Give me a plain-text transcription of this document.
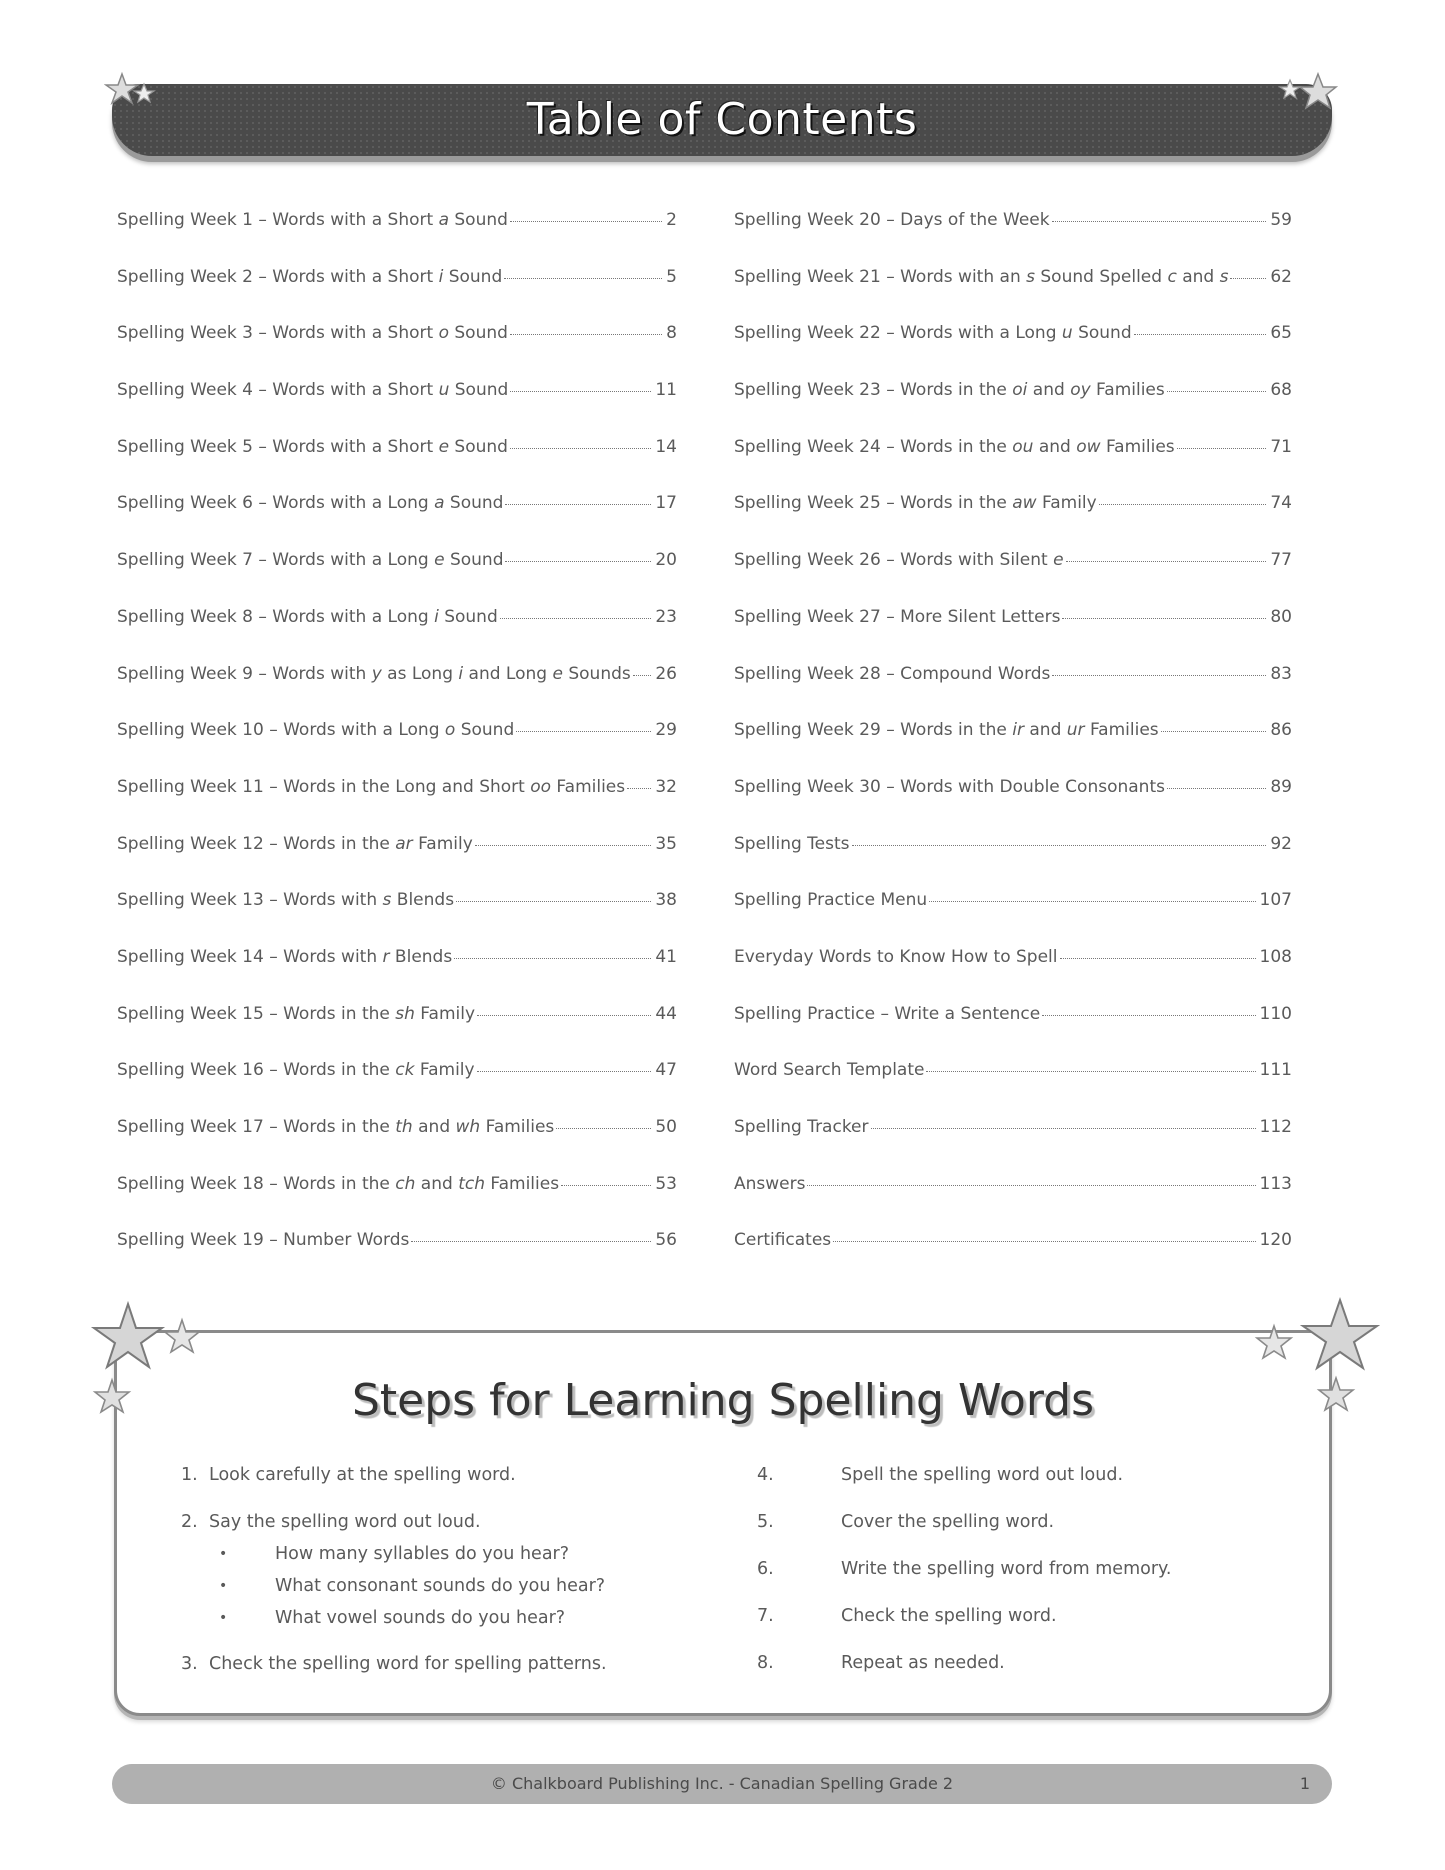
Table of Contents
Spelling Week 1 – Words with a Short a Sound	2
Spelling Week 2 – Words with a Short i Sound	5
Spelling Week 3 – Words with a Short o Sound	8
Spelling Week 4 – Words with a Short u Sound	11
Spelling Week 5 – Words with a Short e Sound	14
Spelling Week 6 – Words with a Long a Sound	17
Spelling Week 7 – Words with a Long e Sound	20
Spelling Week 8 – Words with a Long i Sound	23
Spelling Week 9 – Words with y as Long i and Long e Sounds 26
Spelling Week 10 – Words with a Long o Sound	29
Spelling Week 11 – Words in the Long and Short oo Families 32
Spelling Week 12 – Words in the ar Family	35
Spelling Week 13 – Words with s Blends	38
Spelling Week 14 – Words with r Blends	41
Spelling Week 15 – Words in the sh Family	44
Spelling Week 16 – Words in the ck Family	47
Spelling Week 17 – Words in the th and wh Families	50
Spelling Week 18 – Words in the ch and tch Families	53
Spelling Week 19 – Number Words	56
Spelling Week 20 – Days of the Week	59
Spelling Week 21 – Words with an s Sound Spelled c and s 62
Spelling Week 22 – Words with a Long u Sound	65
Spelling Week 23 – Words in the oi and oy Families	68
Spelling Week 24 – Words in the ou and ow Families	71
Spelling Week 25 – Words in the aw Family	74
Spelling Week 26 – Words with Silent e	77
Spelling Week 27 – More Silent Letters	80
Spelling Week 28 – Compound Words	83
Spelling Week 29 – Words in the ir and ur Families	86
Spelling Week 30 – Words with Double Consonants	89
Spelling Tests	92
Spelling Practice Menu	107
Everyday Words to Know How to Spell	108
Spelling Practice – Write a Sentence	110
Word Search Template	111
Spelling Tracker	112
Answers	113
Certificates	120
Steps for Learning Spelling Words
1. Look carefully at the spelling word.
2. Say the spelling word out loud.
•	How many syllables do you hear?
•	What consonant sounds do you hear?
•	What vowel sounds do you hear?
3. Check the spelling word for spelling patterns.
4.	Spell the spelling word out loud.
5.	Cover the spelling word.
6.	Write the spelling word from memory.
7.	Check the spelling word.
8.	Repeat as needed.
© Chalkboard Publishing Inc. - Canadian Spelling Grade 2	1
